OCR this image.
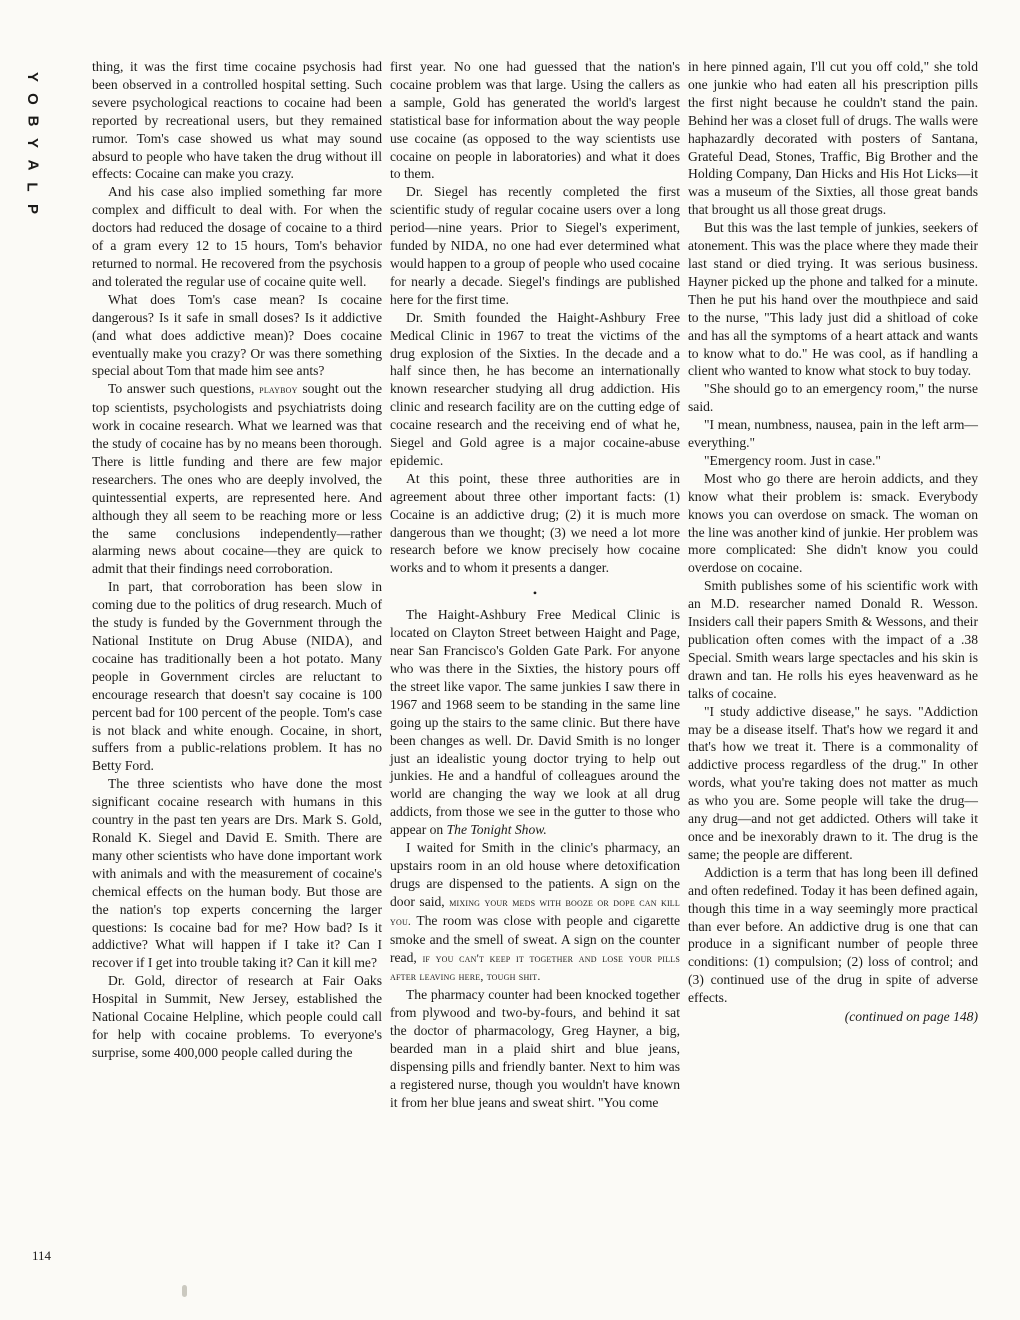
Y
O
B
Y
A
L
P

thing, it was the first time cocaine psychosis had been observed in a controlled hospital setting. Such severe psychological reactions to cocaine had been reported by recreational users, but they remained rumor. Tom's case showed us what may sound absurd to people who have taken the drug without ill effects: Cocaine can make you crazy.

And his case also implied something far more complex and difficult to deal with. For when the doctors had reduced the dosage of cocaine to a third of a gram every 12 to 15 hours, Tom's behavior returned to normal. He recovered from the psychosis and tolerated the regular use of cocaine quite well.

What does Tom's case mean? Is cocaine dangerous? Is it safe in small doses? Is it addictive (and what does addictive mean)? Does cocaine eventually make you crazy? Or was there something special about Tom that made him see ants?

To answer such questions, playboy sought out the top scientists, psychologists and psychiatrists doing work in cocaine research. What we learned was that the study of cocaine has by no means been thorough. There is little funding and there are few major researchers. The ones who are deeply involved, the quintessential experts, are represented here. And although they all seem to be reaching more or less the same conclusions independently—rather alarming news about cocaine—they are quick to admit that their findings need corroboration.

In part, that corroboration has been slow in coming due to the politics of drug research. Much of the study is funded by the Government through the National Institute on Drug Abuse (NIDA), and cocaine has traditionally been a hot potato. Many people in Government circles are reluctant to encourage research that doesn't say cocaine is 100 percent bad for 100 percent of the people. Tom's case is not black and white enough. Cocaine, in short, suffers from a public-relations problem. It has no Betty Ford.

The three scientists who have done the most significant cocaine research with humans in this country in the past ten years are Drs. Mark S. Gold, Ronald K. Siegel and David E. Smith. There are many other scientists who have done important work with animals and with the measurement of cocaine's chemical effects on the human body. But those are the nation's top experts concerning the larger questions: Is cocaine bad for me? How bad? Is it addictive? What will happen if I take it? Can I recover if I get into trouble taking it? Can it kill me?

Dr. Gold, director of research at Fair Oaks Hospital in Summit, New Jersey, established the National Cocaine Helpline, which people could call for help with cocaine problems. To everyone's surprise, some 400,000 people called during the

first year. No one had guessed that the nation's cocaine problem was that large. Using the callers as a sample, Gold has generated the world's largest statistical base for information about the way people use cocaine (as opposed to the way scientists use cocaine on people in laboratories) and what it does to them.

Dr. Siegel has recently completed the first scientific study of regular cocaine users over a long period—nine years. Prior to Siegel's experiment, funded by NIDA, no one had ever determined what would happen to a group of people who used cocaine for nearly a decade. Siegel's findings are published here for the first time.

Dr. Smith founded the Haight-Ashbury Free Medical Clinic in 1967 to treat the victims of the drug explosion of the Sixties. In the decade and a half since then, he has become an internationally known researcher studying all drug addiction. His clinic and research facility are on the cutting edge of cocaine research and the receiving end of what he, Siegel and Gold agree is a major cocaine-abuse epidemic.

At this point, these three authorities are in agreement about three other important facts: (1) Cocaine is an addictive drug; (2) it is much more dangerous than we thought; (3) we need a lot more research before we know precisely how cocaine works and to whom it presents a danger.

•

The Haight-Ashbury Free Medical Clinic is located on Clayton Street between Haight and Page, near San Francisco's Golden Gate Park. For anyone who was there in the Sixties, the history pours off the street like vapor. The same junkies I saw there in 1967 and 1968 seem to be standing in the same line going up the stairs to the same clinic. But there have been changes as well. Dr. David Smith is no longer just an idealistic young doctor trying to help out junkies. He and a handful of colleagues around the world are changing the way we look at all drug addicts, from those we see in the gutter to those who appear on The Tonight Show.

I waited for Smith in the clinic's pharmacy, an upstairs room in an old house where detoxification drugs are dispensed to the patients. A sign on the door said, mixing your meds with booze or dope can kill you. The room was close with people and cigarette smoke and the smell of sweat. A sign on the counter read, if you can't keep it together and lose your pills after leaving here, tough shit.

The pharmacy counter had been knocked together from plywood and two-by-fours, and behind it sat the doctor of pharmacology, Greg Hayner, a big, bearded man in a plaid shirt and blue jeans, dispensing pills and friendly banter. Next to him was a registered nurse, though you wouldn't have known it from her blue jeans and sweat shirt. "You come

in here pinned again, I'll cut you off cold," she told one junkie who had eaten all his prescription pills the first night because he couldn't stand the pain. Behind her was a closet full of drugs. The walls were haphazardly decorated with posters of Santana, Grateful Dead, Stones, Traffic, Big Brother and the Holding Company, Dan Hicks and His Hot Licks—it was a museum of the Sixties, all those great bands that brought us all those great drugs.

But this was the last temple of junkies, seekers of atonement. This was the place where they made their last stand or died trying. It was serious business. Hayner picked up the phone and talked for a minute. Then he put his hand over the mouthpiece and said to the nurse, "This lady just did a shitload of coke and has all the symptoms of a heart attack and wants to know what to do." He was cool, as if handling a client who wanted to know what stock to buy today.

"She should go to an emergency room," the nurse said.

"I mean, numbness, nausea, pain in the left arm—everything."

"Emergency room. Just in case."

Most who go there are heroin addicts, and they know what their problem is: smack. Everybody knows you can overdose on smack. The woman on the line was another kind of junkie. Her problem was more complicated: She didn't know you could overdose on cocaine.

Smith publishes some of his scientific work with an M.D. researcher named Donald R. Wesson. Insiders call their papers Smith & Wessons, and their publication often comes with the impact of a .38 Special. Smith wears large spectacles and his skin is drawn and tan. He rolls his eyes heavenward as he talks of cocaine.

"I study addictive disease," he says. "Addiction may be a disease itself. That's how we regard it and that's how we treat it. There is a commonality of addictive process regardless of the drug." In other words, what you're taking does not matter as much as who you are. Some people will take the drug—any drug—and not get addicted. Others will take it once and be inexorably drawn to it. The drug is the same; the people are different.

Addiction is a term that has long been ill defined and often redefined. Today it has been defined again, though this time in a way seemingly more practical than ever before. An addictive drug is one that can produce in a significant number of people three conditions: (1) compulsion; (2) loss of control; and (3) continued use of the drug in spite of adverse effects.

(continued on page 148)
114
